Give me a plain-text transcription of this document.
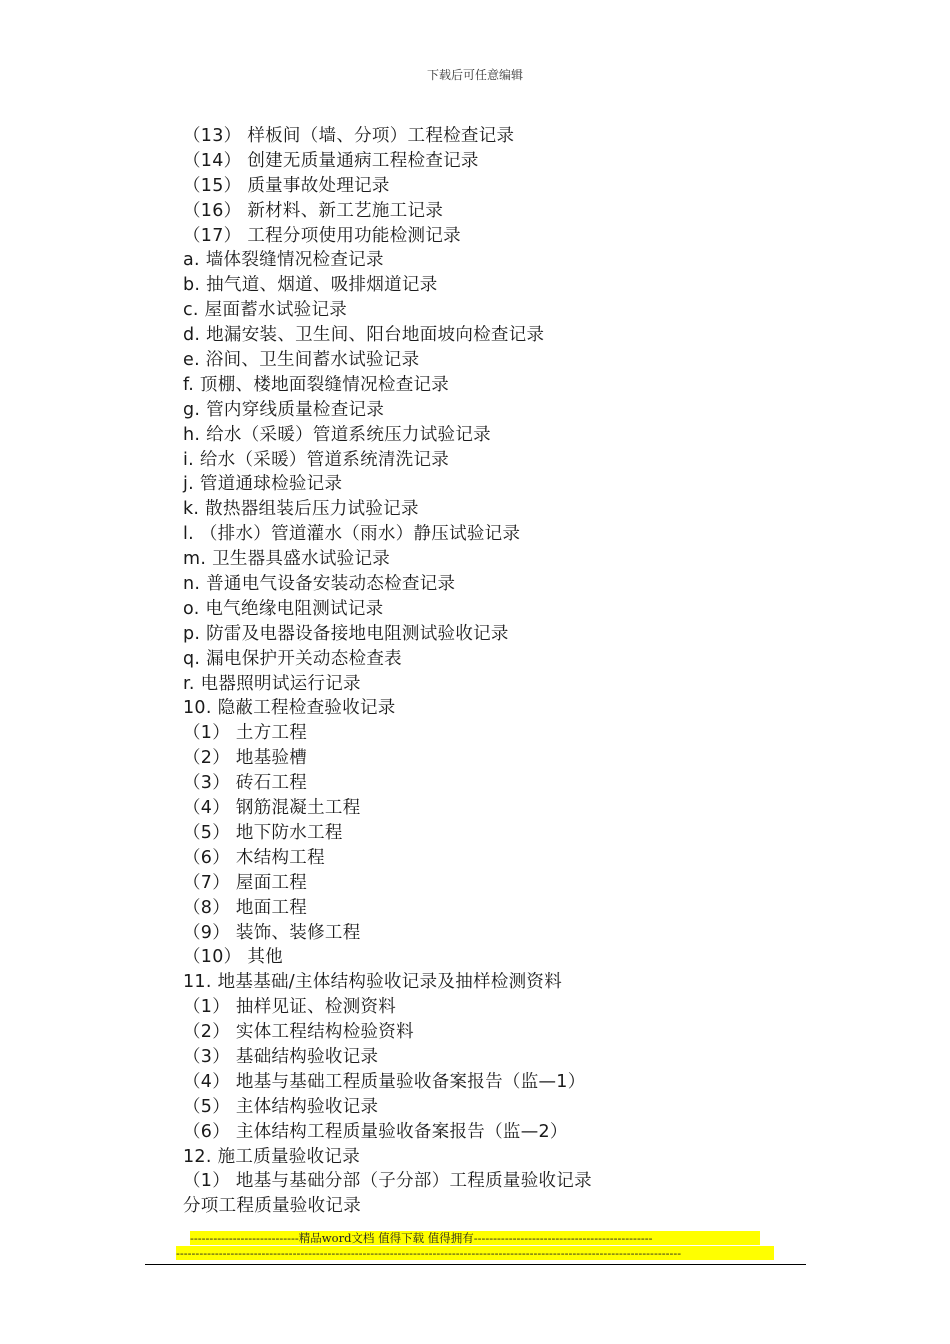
下载后可任意编辑
（13） 样板间（墙、分项）工程检查记录
（14） 创建无质量通病工程检查记录
（15） 质量事故处理记录
（16） 新材料、新工艺施工记录
（17） 工程分项使用功能检测记录
a. 墙体裂缝情况检查记录
b. 抽气道、烟道、吸排烟道记录
c. 屋面蓄水试验记录
d. 地漏安装、卫生间、阳台地面坡向检查记录
e. 浴间、卫生间蓄水试验记录
f. 顶棚、楼地面裂缝情况检查记录
g. 管内穿线质量检查记录
h. 给水（采暖）管道系统压力试验记录
i. 给水（采暖）管道系统清洗记录
j. 管道通球检验记录
k. 散热器组装后压力试验记录
l. （排水）管道灌水（雨水）静压试验记录
m. 卫生器具盛水试验记录
n. 普通电气设备安装动态检查记录
o. 电气绝缘电阻测试记录
p. 防雷及电器设备接地电阻测试验收记录
q. 漏电保护开关动态检查表
r. 电器照明试运行记录
10. 隐蔽工程检查验收记录
（1） 土方工程
（2） 地基验槽
（3） 砖石工程
（4） 钢筋混凝土工程
（5） 地下防水工程
（6） 木结构工程
（7） 屋面工程
（8） 地面工程
（9） 装饰、装修工程
（10） 其他
11. 地基基础/主体结构验收记录及抽样检测资料
（1） 抽样见证、检测资料
（2） 实体工程结构检验资料
（3） 基础结构验收记录
（4） 地基与基础工程质量验收备案报告（监—1）
（5） 主体结构验收记录
（6） 主体结构工程质量验收备案报告（监—2）
12. 施工质量验收记录
（1） 地基与基础分部（子分部）工程质量验收记录
分项工程质量验收记录
----------------------------精品word文档 值得下载 值得拥有----------------------------------------------
----------------------------------------------------------------------------------------------------------------------------------
